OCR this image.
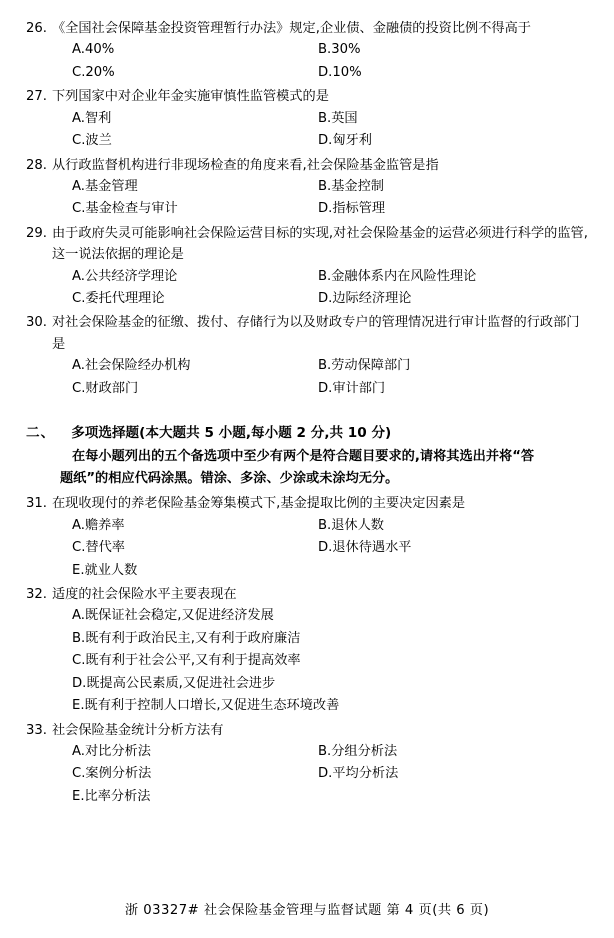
26. 《全国社会保障基金投资管理暂行办法》规定,企业债、金融债的投资比例不得高于
A.40%	B.30%
C.20%	D.10%
27. 下列国家中对企业年金实施审慎性监管模式的是
A.智利	B.英国
C.波兰	D.匈牙利
28. 从行政监督机构进行非现场检查的角度来看,社会保险基金监管是指
A.基金管理	B.基金控制
C.基金检查与审计	D.指标管理
29. 由于政府失灵可能影响社会保险运营目标的实现,对社会保险基金的运营必须进行科学的监管,这一说法依据的理论是
A.公共经济学理论	B.金融体系内在风险性理论
C.委托代理理论	D.边际经济理论
30. 对社会保险基金的征缴、拨付、存储行为以及财政专户的管理情况进行审计监督的行政部门是
A.社会保险经办机构	B.劳动保障部门
C.财政部门	D.审计部门
二、 多项选择题(本大题共 5 小题,每小题 2 分,共 10 分)
在每小题列出的五个备选项中至少有两个是符合题目要求的,请将其选出并将“答
题纸”的相应代码涂黑。错涂、多涂、少涂或未涂均无分。
31. 在现收现付的养老保险基金筹集模式下,基金提取比例的主要决定因素是
A.赡养率	B.退休人数
C.替代率	D.退休待遇水平
E.就业人数
32. 适度的社会保险水平主要表现在
A.既保证社会稳定,又促进经济发展
B.既有利于政治民主,又有利于政府廉洁
C.既有利于社会公平,又有利于提高效率
D.既提高公民素质,又促进社会进步
E.既有利于控制人口增长,又促进生态环境改善
33. 社会保险基金统计分析方法有
A.对比分析法	B.分组分析法
C.案例分析法	D.平均分析法
E.比率分析法
浙 03327# 社会保险基金管理与监督试题 第 4 页(共 6 页)
